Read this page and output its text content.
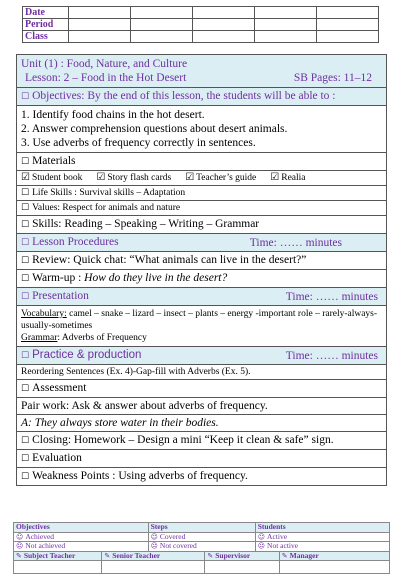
Date					
Period					
Class					
Unit (1) : Food, Nature, and Culture
Lesson: 2 – Food in the Hot Desert	SB Pages: 11–12
☐ Objectives: By the end of this lesson, the students will be able to :
1. Identify food chains in the hot desert.
2. Answer comprehension questions about desert animals.
3. Use adverbs of frequency correctly in sentences.
☐ Materials
☑ Student book ☑ Story flash cards ☑ Teacher’s guide ☑ Realia
☐ Life Skills : Survival skills – Adaptation
☐ Values: Respect for animals and nature
☐ Skills: Reading – Speaking – Writing – Grammar
☐ Lesson Procedures	Time: …… minutes
☐ Review: Quick chat: “What animals can live in the desert?”
☐ Warm-up : How do they live in the desert?
☐ Presentation	Time: …… minutes
Vocabulary: camel – snake – lizard – insect – plants – energy -important role – rarely-always-usually-sometimes
Grammar: Adverbs of Frequency
☐ Practice & production	Time: …… minutes
Reordering Sentences (Ex. 4)-Gap-fill with Adverbs (Ex. 5).
☐ Assessment
Pair work: Ask & answer about adverbs of frequency.
A: They always store water in their bodies.
☐ Closing: Homework – Design a mini “Keep it clean & safe” sign.
☐ Evaluation
☐ Weakness Points : Using adverbs of frequency.
Objectives		Steps		Students	
☺ Achieved		☺ Covered		☺ Active	
☹ Not achieved		☹ Not covered		☹ Not active	
✎ Subject Teacher	✎ Senior Teacher		✎ Supervisor		✎ Manager
